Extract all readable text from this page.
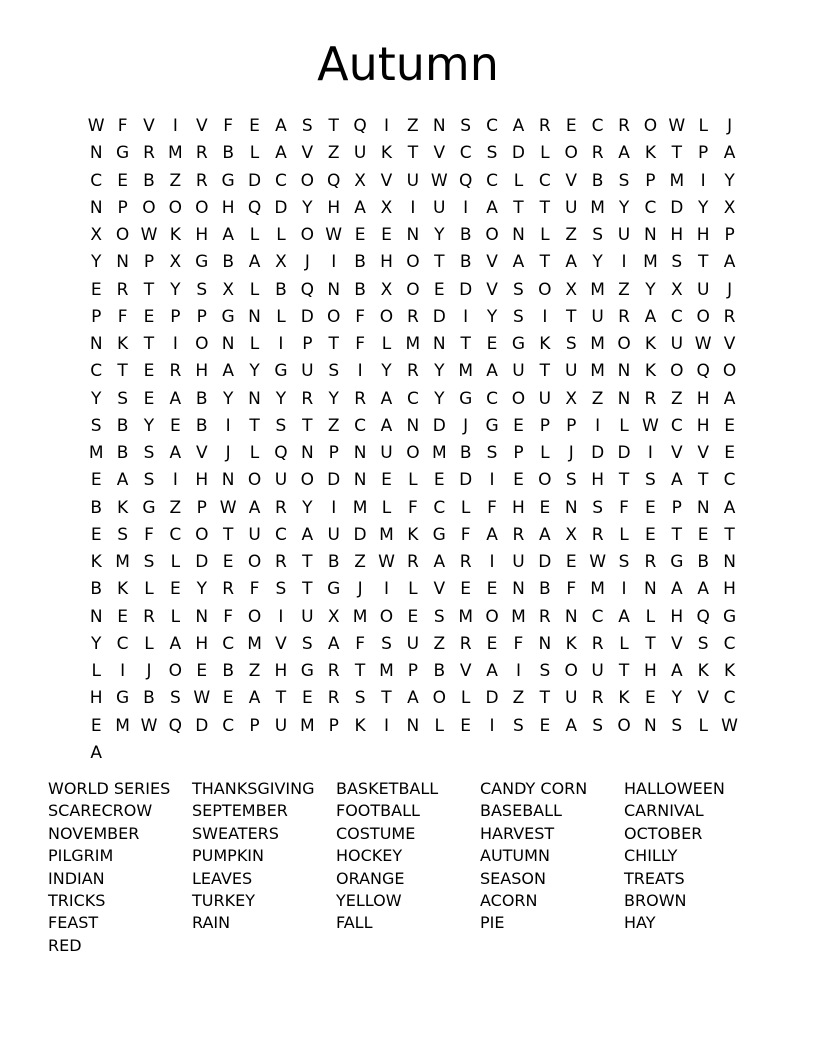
Autumn
W F V	I	V F E A S T Q	I	Z N S C A R E C R O W L	J
N G R M R B L A V Z U K T V C S D L O R A K T P A
C E B Z R G D C O Q X V U W Q C L C V B S P M I	Y
N P O O O H Q D Y H A X	I	U	I	A T T U M Y C D Y X
X O W K H A L L O W E E N Y B O N L Z S U N H H P
Y N P X G B A X	J	I	B H O T B V A T A Y	I M S T A
E R T Y S X L B Q N B X O E D V S O X M Z Y X U	J
P F E P P G N L D O F O R D	I	Y S	I	T U R A C O R
N K T	I	O N L	I	P T F L M N T E G K S M O K U W V
C T E R H A Y G U S	I	Y R Y M A U T U M N K O Q O
Y S E A B Y N Y R Y R A C Y G C O U X Z N R Z H A
S B Y E B	I	T S T Z C A N D	J	G E P P	I	L W C H E
M B S A V	J	L Q N P N U O M B S P L	J	D D	I	V V E
E A S	I	H N O U O D N E L E D	I	E O S H T S A T C
B K G Z P W A R Y	I M L F C L F H E N S F E P N A
E S F C O T U C A U D M K G F A R A X R L E T E T
K M S L D E O R T B Z W R A R	I	U D E W S R G B N
B K L E Y R F S T G	J	I	L V E E N B F M I	N A A H
N E R L N F O	I	U X M O E S M O M R N C A L H Q G
Y C L A H C M V S A F S U Z R E F N K R L T V S C
L	I	J	O E B Z H G R T M P B V A	I	S O U T H A K K
H G B S W E A T E R S T A O L D Z T U R K E Y V C
E M W Q D C P U M P K	I	N L E	I	S E A S O N S L W
A
WORLD SERIES	THANKSGIVING	BASKETBALL	CANDY CORN	HALLOWEEN
SCARECROW	SEPTEMBER	FOOTBALL	BASEBALL	CARNIVAL
NOVEMBER	SWEATERS	COSTUME	HARVEST	OCTOBER
PILGRIM	PUMPKIN	HOCKEY	AUTUMN	CHILLY
INDIAN	LEAVES	ORANGE	SEASON	TREATS
TRICKS	TURKEY	YELLOW	ACORN	BROWN
FEAST	RAIN	FALL	PIE	HAY
RED
